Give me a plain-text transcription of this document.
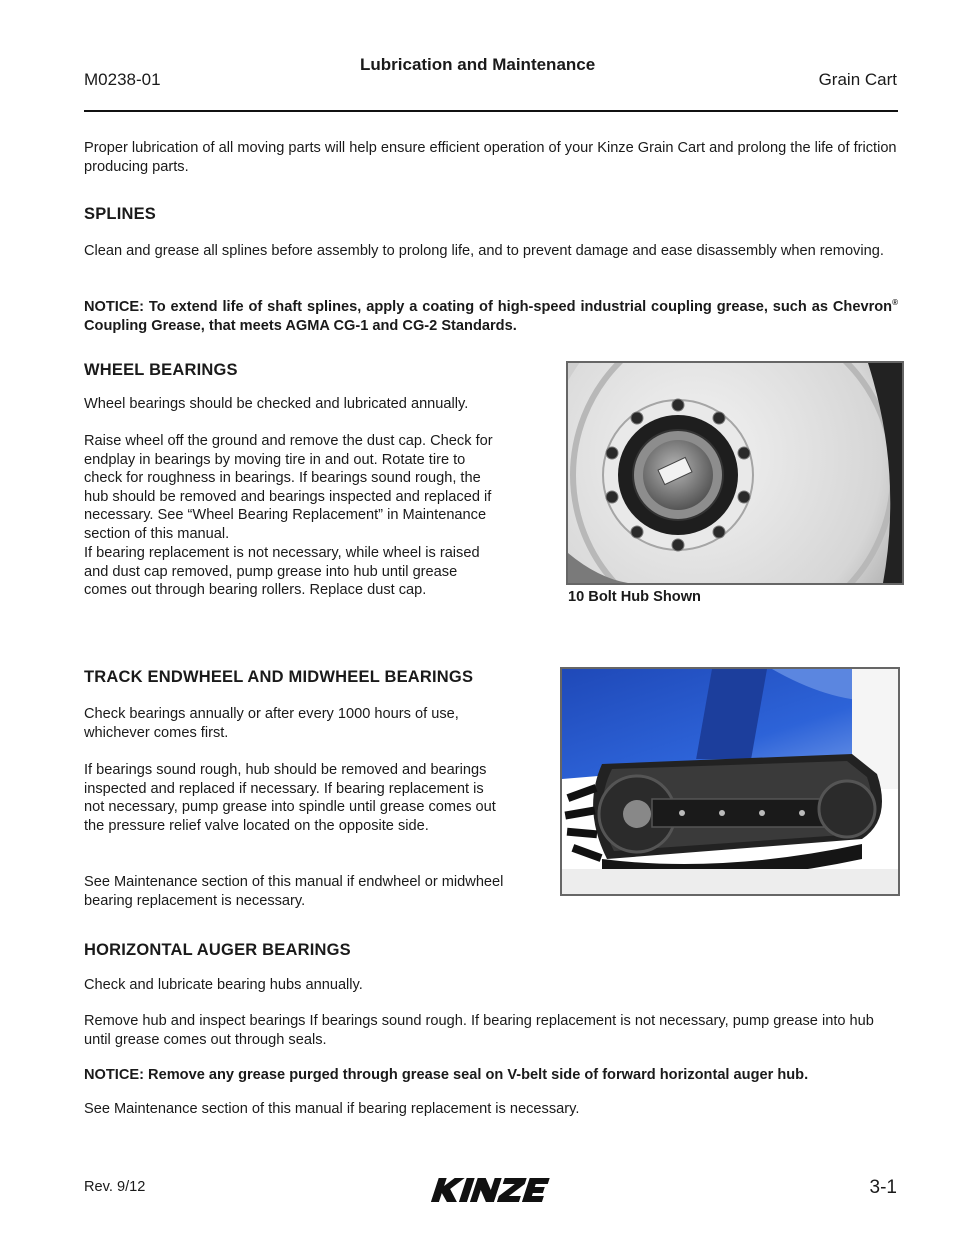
Lubrication and Maintenance
M0238-01	Grain Cart

Proper lubrication of all moving parts will help ensure efficient operation of your Kinze Grain Cart and prolong the life of friction producing parts.

SPLINES

Clean and grease all splines before assembly to prolong life, and to prevent damage and ease disassembly when removing.

NOTICE: To extend life of shaft splines, apply a coating of high-speed industrial coupling grease, such as Chevron® Coupling Grease, that meets AGMA CG-1 and CG-2 Standards.

WHEEL BEARINGS

Wheel bearings should be checked and lubricated annually.

Raise wheel off the ground and remove the dust cap. Check for endplay in bearings by moving tire in and out. Rotate tire to check for roughness in bearings. If bearings sound rough, the hub should be removed and bearings inspected and replaced if necessary. See “Wheel Bearing Replacement” in Maintenance section of this manual.

If bearing replacement is not necessary, while wheel is raised and dust cap removed, pump grease into hub until grease comes out through bearing rollers. Replace dust cap.	10 Bolt Hub Shown
TRACK ENDWHEEL AND MIDWHEEL BEARINGS

Check bearings annually or after every 1000 hours of use, whichever comes first.

If bearings sound rough, hub should be removed and bearings inspected and replaced if necessary. If bearing replacement is not necessary, pump grease into spindle until grease comes out the pressure relief valve located on the opposite side.

See Maintenance section of this manual if endwheel or midwheel bearing replacement is necessary.

HORIZONTAL AUGER BEARINGS

Check and lubricate bearing hubs annually.

Remove hub and inspect bearings If bearings sound rough. If bearing replacement is not necessary, pump grease into hub until grease comes out through seals.

NOTICE: Remove any grease purged through grease seal on V-belt side of forward horizontal auger hub.

See Maintenance section of this manual if bearing replacement is necessary.

Rev. 9/12	3-1
